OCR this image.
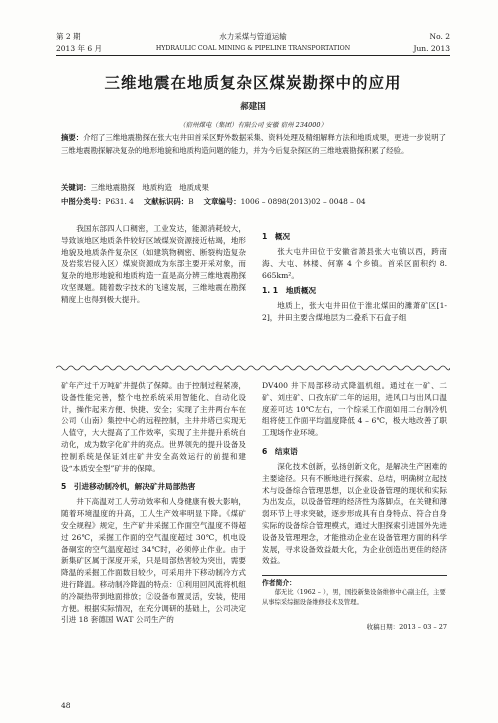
第 2 期
2013 年 6 月
水力采煤与管道运输
HYDRAULIC COAL MINING & PIPELINE TRANSPORTATION
No. 2
Jun. 2013
三维地震在地质复杂区煤炭勘探中的应用
郝建国
（宿州煤电（集团）有限公司 安徽 宿州 234000）
摘要：介绍了三维地震勘探在张大屯井田首采区野外数据采集、资料处理及精细解释方法和地质成果，更进一步说明了三维地震勘探解决复杂的地形地貌和地质构造问题的能力，并为今后复杂探区的三维地震勘探积累了经验。
关键词：三维地震勘探　地质构造　地质成果
中图分类号：P631. 4 文献标识码：B 文章编号：1006 – 0898(2013)02 – 0048 – 04

我国东部四人口稠密，工业发达，能源消耗较大，导致该地区地质条件较好区域煤炭资源接近枯竭，地形地貌及地质条件复杂区（如建筑物稠密、断裂构造复杂及岩浆岩侵入区）煤炭资源成为东部主要开采对象，而复杂的地形地貌和地质构造一直是高分辨三维地震勘探攻坚课题。随着数字技术的飞速发展，三维地震在勘探精度上也得到极大提升。

1　概况

张大屯井田位于安徽省萧县张大屯镇以西，跨南海、大屯、林楼、何寨 4 个乡镇。首采区面积约 8. 665km²。

1. 1　地质概况

地质上，张大屯井田位于淮北煤田的濉萧矿区[1-2]，井田主要含煤地层为二叠系下石盒子组

矿年产过千万吨矿井提供了保障。由于控制过程紧凑，设备性能完善，整个电控系统采用智能化、自动化设计，操作起来方便、快捷、安全；实现了主井两台车在公司（山南）集控中心的远程控制，主井井塔已实现无人值守，大大提高了工作效率，实现了主井提升系统自动化，成为数字化矿井的亮点。世界领先的提升设备及控制系统是保证刘庄矿井安全高效运行的前提和建设“本质安全型”矿井的保障。

5　引进移动制冷机，解决矿井局部热害

井下高温对工人劳动效率和人身健康有极大影响，随着环境温度的升高，工人生产效率明显下降。《煤矿安全规程》规定，生产矿井采掘工作面空气温度不得超过 26℃，采掘工作面的空气温度超过 30℃，机电设备硐室的空气温度超过 34℃时，必须停止作业。由于新集矿区属于深度开采，只是局部热害较为突出，需要降温的采掘工作面数目较少，可采用井下移动制冷方式进行降温。移动制冷降温的特点：①利用回风流将机组的冷凝热带到地面排放；②设备布置灵活，安装，使用方便。根据实际情况，在充分调研的基础上，公司决定引进 18 套德国 WAT 公司生产的

DV400 井下局部移动式降温机组。通过在一矿、二矿、刘庄矿、口孜东矿二年的运用，进风口与出风口温度差可达 10℃左右，一个综采工作面如用二台制冷机组将使工作面平均温度降低 4 – 6℃，极大地改善了职工现场作业环境。

6　结束语

深化技术创新，弘扬创新文化，是解决生产困难的主要途径。只有不断地进行探索、总结，明确树立起技术与设备综合管理思想，以企业设备管理的现状和实际为出发点，以设备管理的经济性为落脚点，在关键和薄弱环节上寻求突破，逐步形成具有自身特点、符合自身实际的设备综合管理模式，通过大胆探索引进国外先进设备及管理理念，才能推动企业在设备管理方面的科学发展，寻求设备效益最大化，为企业创造出更佳的经济效益。

作者简介：
郁无比（1962 – ），男，国投新集设备维修中心副主任，主要从事综采综掘设备维修技术及管理。
收稿日期：2013 – 03 – 27
48
